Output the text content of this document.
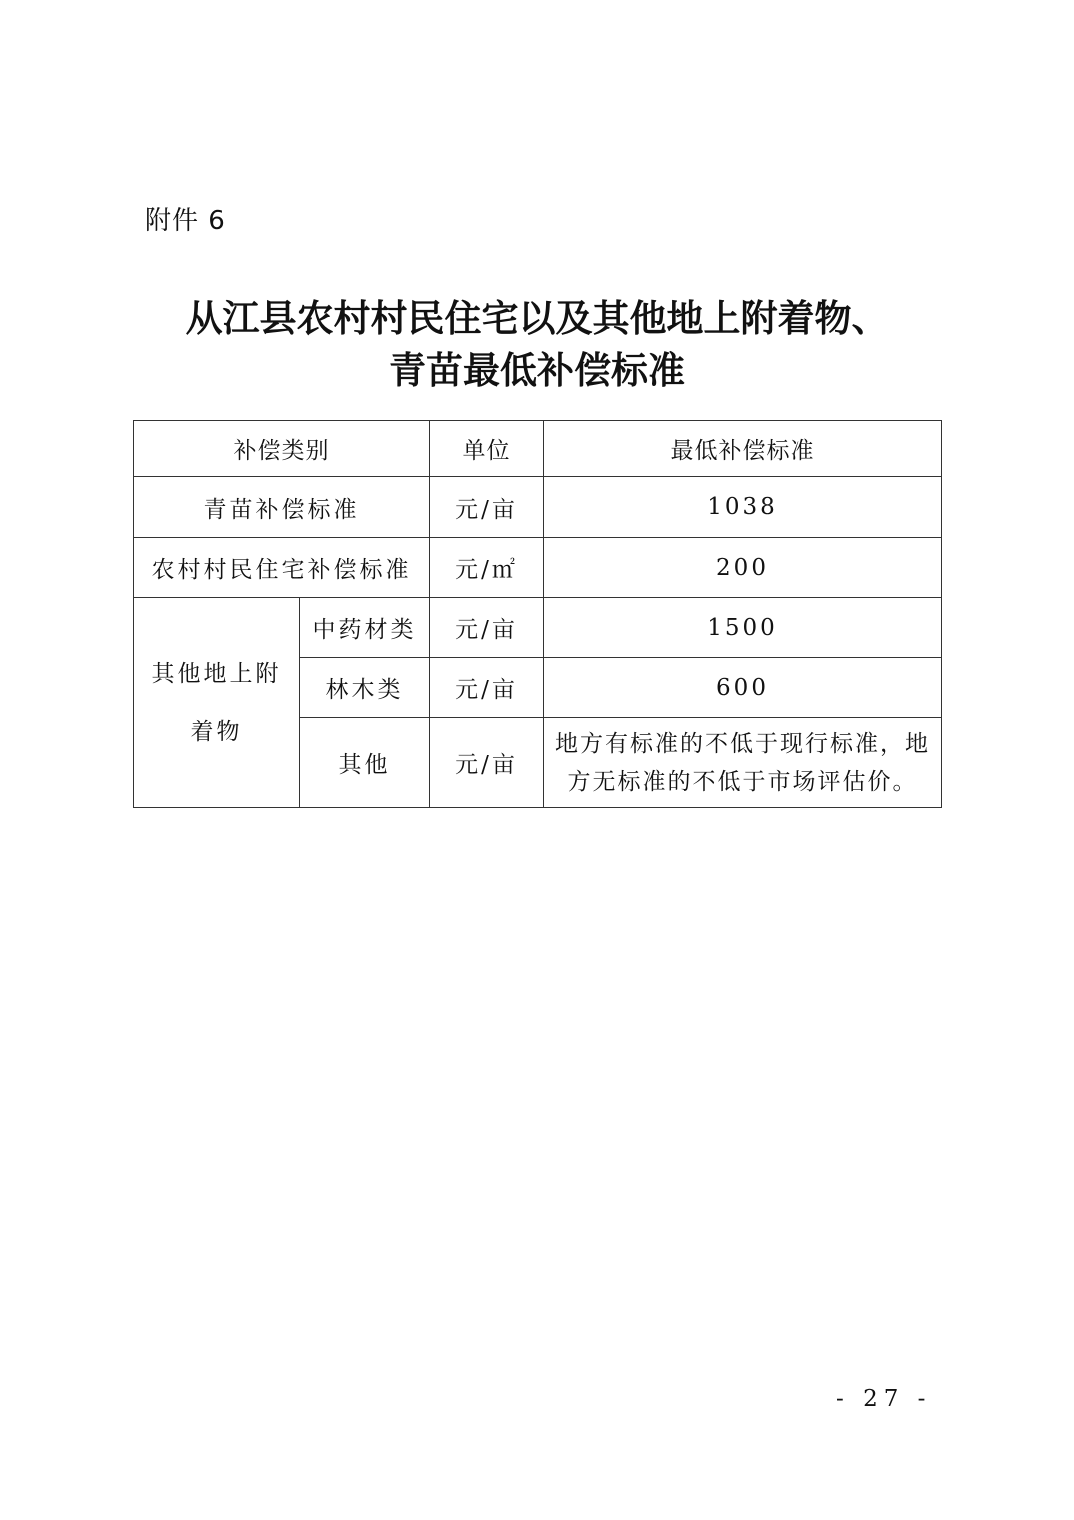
附件 6
从江县农村村民住宅以及其他地上附着物、
青苗最低补偿标准
补偿类别		单位	最低补偿标准
青苗补偿标准		元/亩	1038
农村村民住宅补偿标准		元/㎡	200

其他地上附
着物	中药材类	元/亩	1500
	林木类	元/亩	600
	其他	元/亩	地方有标准的不低于现行标准，地
方无标准的不低于市场评估价。
- 27 -
